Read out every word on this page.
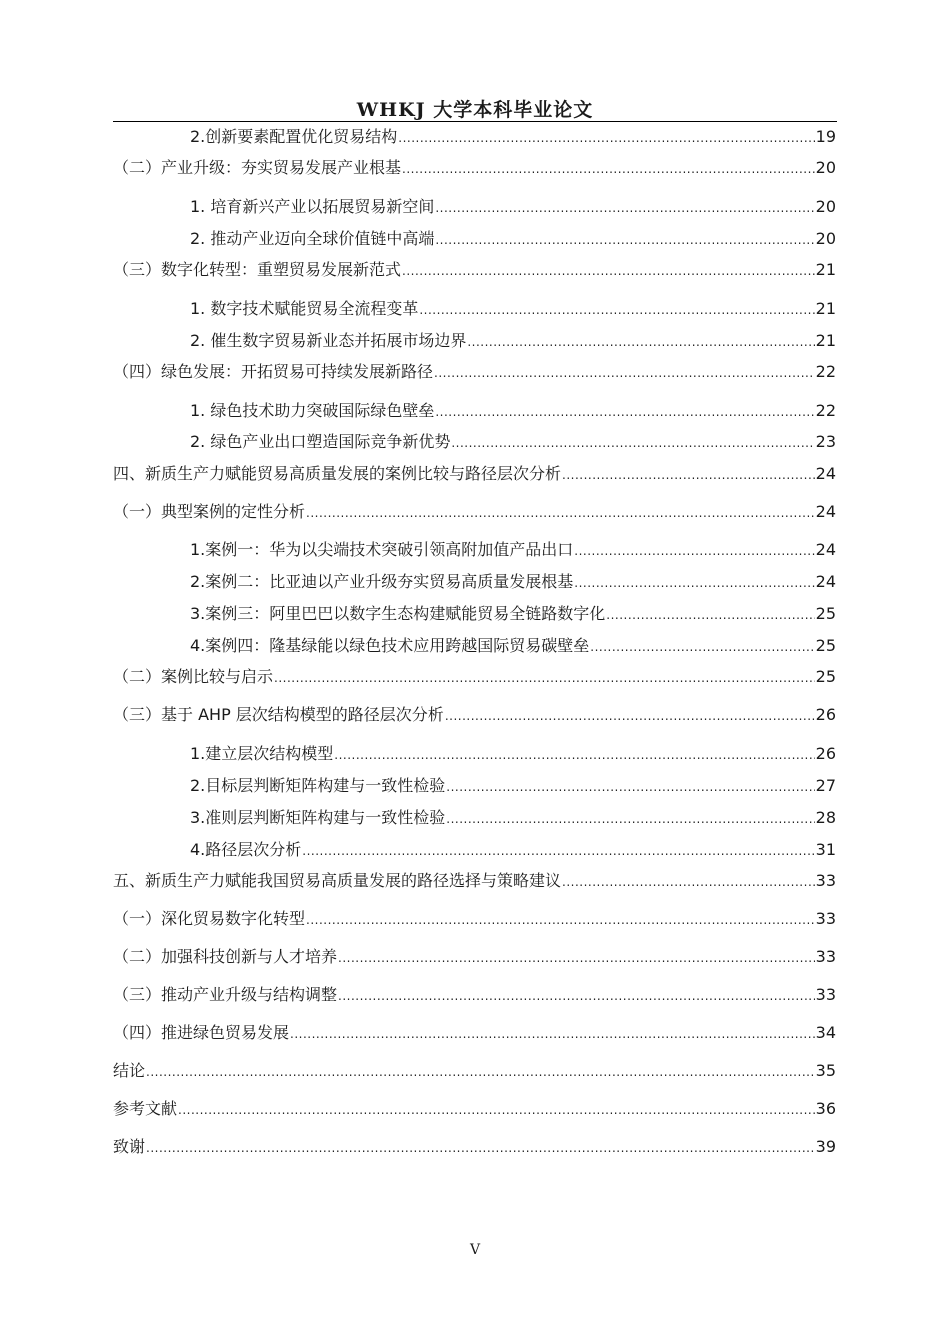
WHKJ 大学本科毕业论文
2.创新要素配置优化贸易结构 .....	19
（二）产业升级：夯实贸易发展产业根基 .....	20
1. 培育新兴产业以拓展贸易新空间 .....	20
2. 推动产业迈向全球价值链中高端 .....	20
（三）数字化转型：重塑贸易发展新范式 .....	21
1. 数字技术赋能贸易全流程变革 .....	21
2. 催生数字贸易新业态并拓展市场边界 .....	21
（四）绿色发展：开拓贸易可持续发展新路径 .....	22
1. 绿色技术助力突破国际绿色壁垒 .....	22
2. 绿色产业出口塑造国际竞争新优势 .....	23
四、新质生产力赋能贸易高质量发展的案例比较与路径层次分析 .....	24
（一）典型案例的定性分析 .....	24
1.案例一：华为以尖端技术突破引领高附加值产品出口 .....	24
2.案例二：比亚迪以产业升级夯实贸易高质量发展根基 .....	24
3.案例三：阿里巴巴以数字生态构建赋能贸易全链路数字化 .....	25
4.案例四：隆基绿能以绿色技术应用跨越国际贸易碳壁垒 .....	25
（二）案例比较与启示 .....	25
（三）基于 AHP 层次结构模型的路径层次分析 .....	26
1.建立层次结构模型 .....	26
2.目标层判断矩阵构建与一致性检验 .....	27
3.准则层判断矩阵构建与一致性检验 .....	28
4.路径层次分析 .....	31
五、新质生产力赋能我国贸易高质量发展的路径选择与策略建议 .....	33
（一）深化贸易数字化转型 .....	33
（二）加强科技创新与人才培养 .....	33
（三）推动产业升级与结构调整 .....	33
（四）推进绿色贸易发展 .....	34
结论 .....	35
参考文献 .....	36
致谢 .....	39
V
